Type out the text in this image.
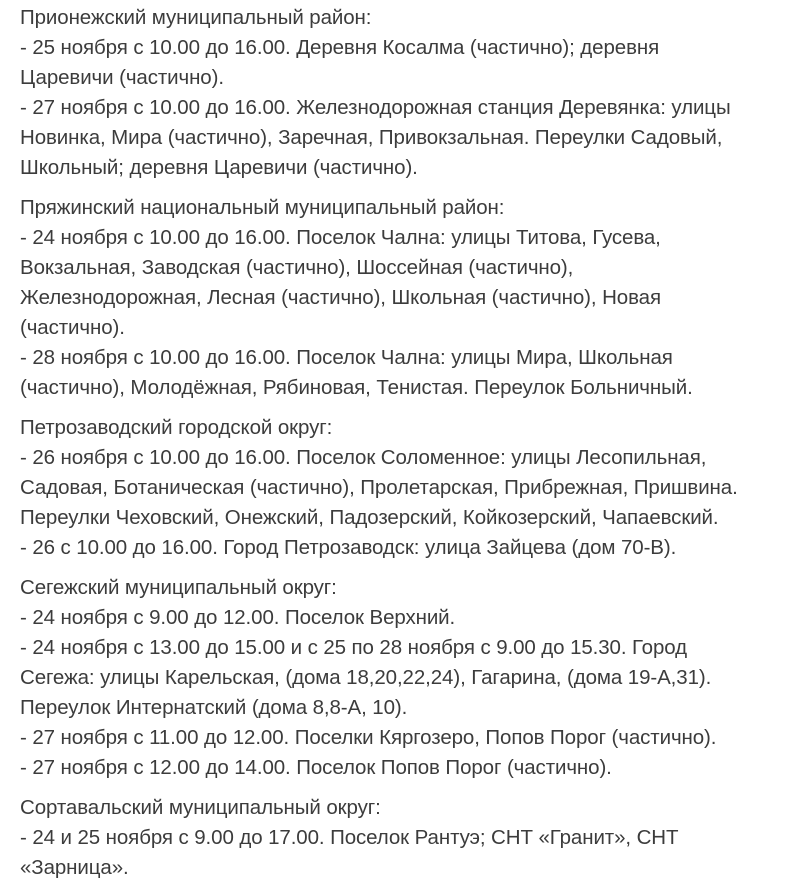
Прионежский муниципальный район:
- 25 ноября с 10.00 до 16.00. Деревня Косалма (частично); деревня
Царевичи (частично).
- 27 ноября с 10.00 до 16.00. Железнодорожная станция Деревянка: улицы
Новинка, Мира (частично), Заречная, Привокзальная. Переулки Садовый,
Школьный; деревня Царевичи (частично).
Пряжинский национальный муниципальный район:
- 24 ноября с 10.00 до 16.00. Поселок Чална: улицы Титова, Гусева,
Вокзальная, Заводская (частично), Шоссейная (частично),
Железнодорожная, Лесная (частично), Школьная (частично), Новая
(частично).
- 28 ноября с 10.00 до 16.00. Поселок Чална: улицы Мира, Школьная
(частично), Молодёжная, Рябиновая, Тенистая. Переулок Больничный.
Петрозаводский городской округ:
- 26 ноября с 10.00 до 16.00. Поселок Соломенное: улицы Лесопильная,
Садовая, Ботаническая (частично), Пролетарская, Прибрежная, Пришвина.
Переулки Чеховский, Онежский, Падозерский, Койкозерский, Чапаевский.
- 26 с 10.00 до 16.00. Город Петрозаводск: улица Зайцева (дом 70-В).
Сегежский муниципальный округ:
- 24 ноября с 9.00 до 12.00. Поселок Верхний.
- 24 ноября с 13.00 до 15.00 и с 25 по 28 ноября с 9.00 до 15.30. Город
Сегежа: улицы Карельская, (дома 18,20,22,24), Гагарина, (дома 19-А,31).
Переулок Интернатский (дома 8,8-А, 10).
- 27 ноября с 11.00 до 12.00. Поселки Кяргозеро, Попов Порог (частично).
- 27 ноября с 12.00 до 14.00. Поселок Попов Порог (частично).
Сортавальский муниципальный округ:
- 24 и 25 ноября с 9.00 до 17.00. Поселок Рантуэ; СНТ «Гранит», СНТ
«Зарница».
